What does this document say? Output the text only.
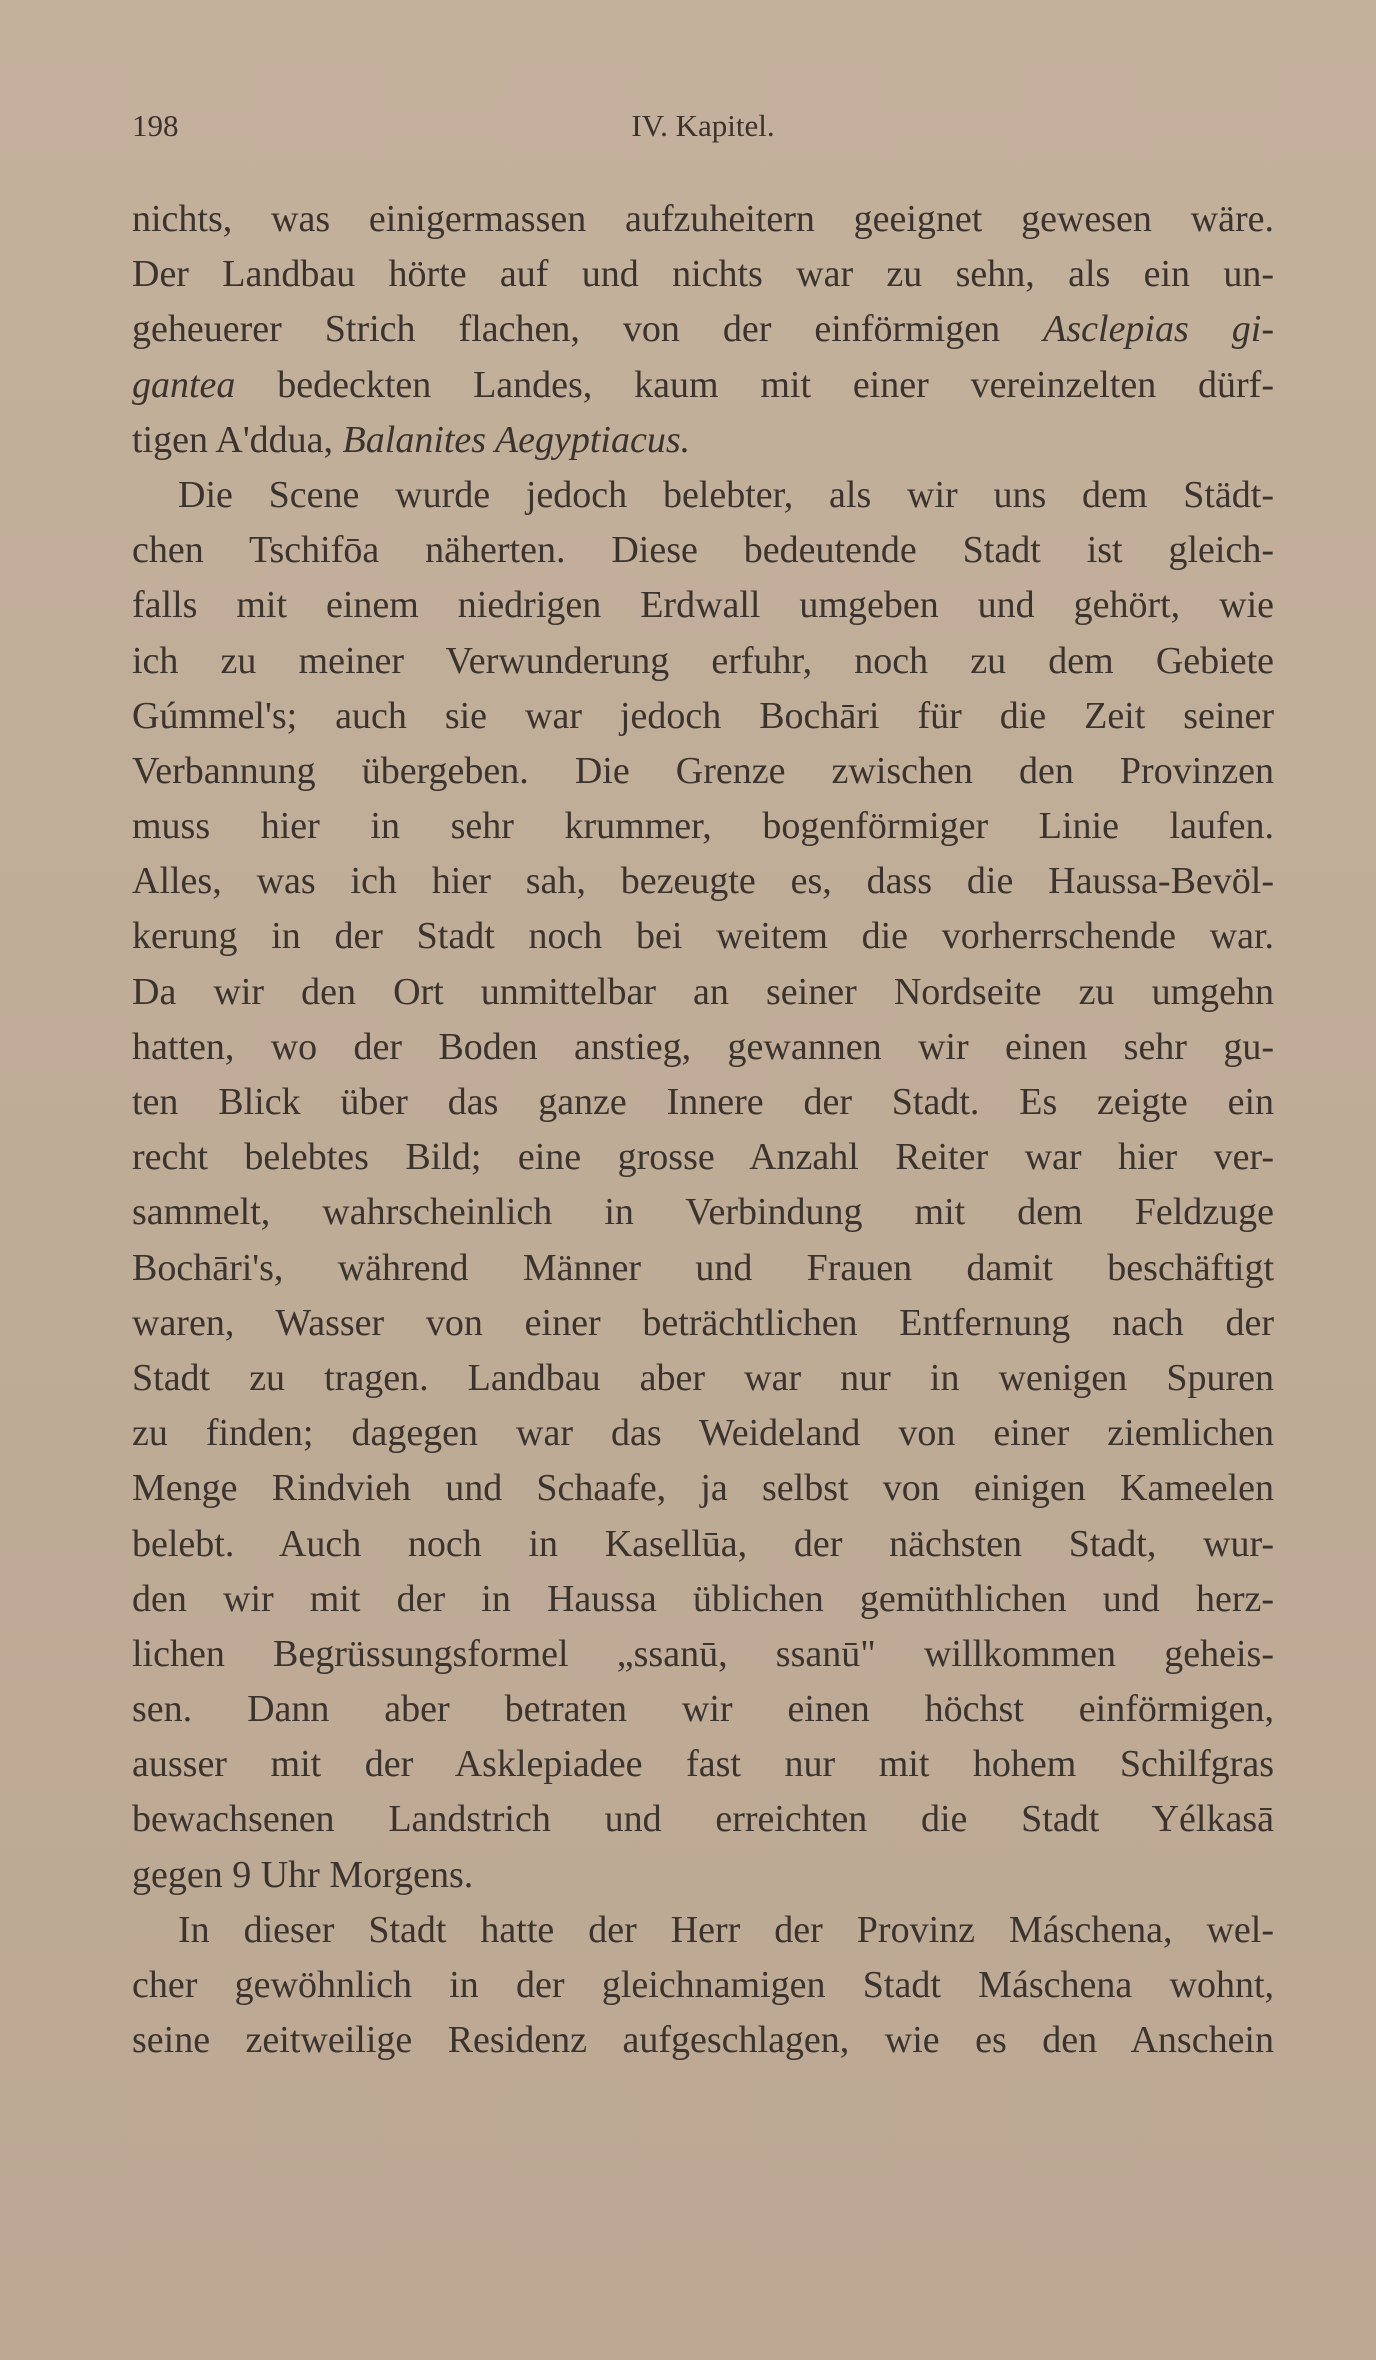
198	IV. Kapitel.
nichts, was einigermassen aufzuheitern geeignet gewesen wäre.
Der Landbau hörte auf und nichts war zu sehn, als ein un-
geheuerer Strich flachen, von der einförmigen Asclepias gi-
gantea bedeckten Landes, kaum mit einer vereinzelten dürf-
tigen A'ddua, Balanites Aegyptiacus.
Die Scene wurde jedoch belebter, als wir uns dem Städt-
chen Tschifōa näherten. Diese bedeutende Stadt ist gleich-
falls mit einem niedrigen Erdwall umgeben und gehört, wie
ich zu meiner Verwunderung erfuhr, noch zu dem Gebiete
Gúmmel's; auch sie war jedoch Bochāri für die Zeit seiner
Verbannung übergeben. Die Grenze zwischen den Provinzen
muss hier in sehr krummer, bogenförmiger Linie laufen.
Alles, was ich hier sah, bezeugte es, dass die Haussa-Bevöl-
kerung in der Stadt noch bei weitem die vorherrschende war.
Da wir den Ort unmittelbar an seiner Nordseite zu umgehn
hatten, wo der Boden anstieg, gewannen wir einen sehr gu-
ten Blick über das ganze Innere der Stadt. Es zeigte ein
recht belebtes Bild; eine grosse Anzahl Reiter war hier ver-
sammelt, wahrscheinlich in Verbindung mit dem Feldzuge
Bochāri's, während Männer und Frauen damit beschäftigt
waren, Wasser von einer beträchtlichen Entfernung nach der
Stadt zu tragen. Landbau aber war nur in wenigen Spuren
zu finden; dagegen war das Weideland von einer ziemlichen
Menge Rindvieh und Schaafe, ja selbst von einigen Kameelen
belebt. Auch noch in Kasellūa, der nächsten Stadt, wur-
den wir mit der in Haussa üblichen gemüthlichen und herz-
lichen Begrüssungsformel „ssanū, ssanū" willkommen geheis-
sen. Dann aber betraten wir einen höchst einförmigen,
ausser mit der Asklepiadee fast nur mit hohem Schilfgras
bewachsenen Landstrich und erreichten die Stadt Yélkasā
gegen 9 Uhr Morgens.
In dieser Stadt hatte der Herr der Provinz Máschena, wel-
cher gewöhnlich in der gleichnamigen Stadt Máschena wohnt,
seine zeitweilige Residenz aufgeschlagen, wie es den Anschein
